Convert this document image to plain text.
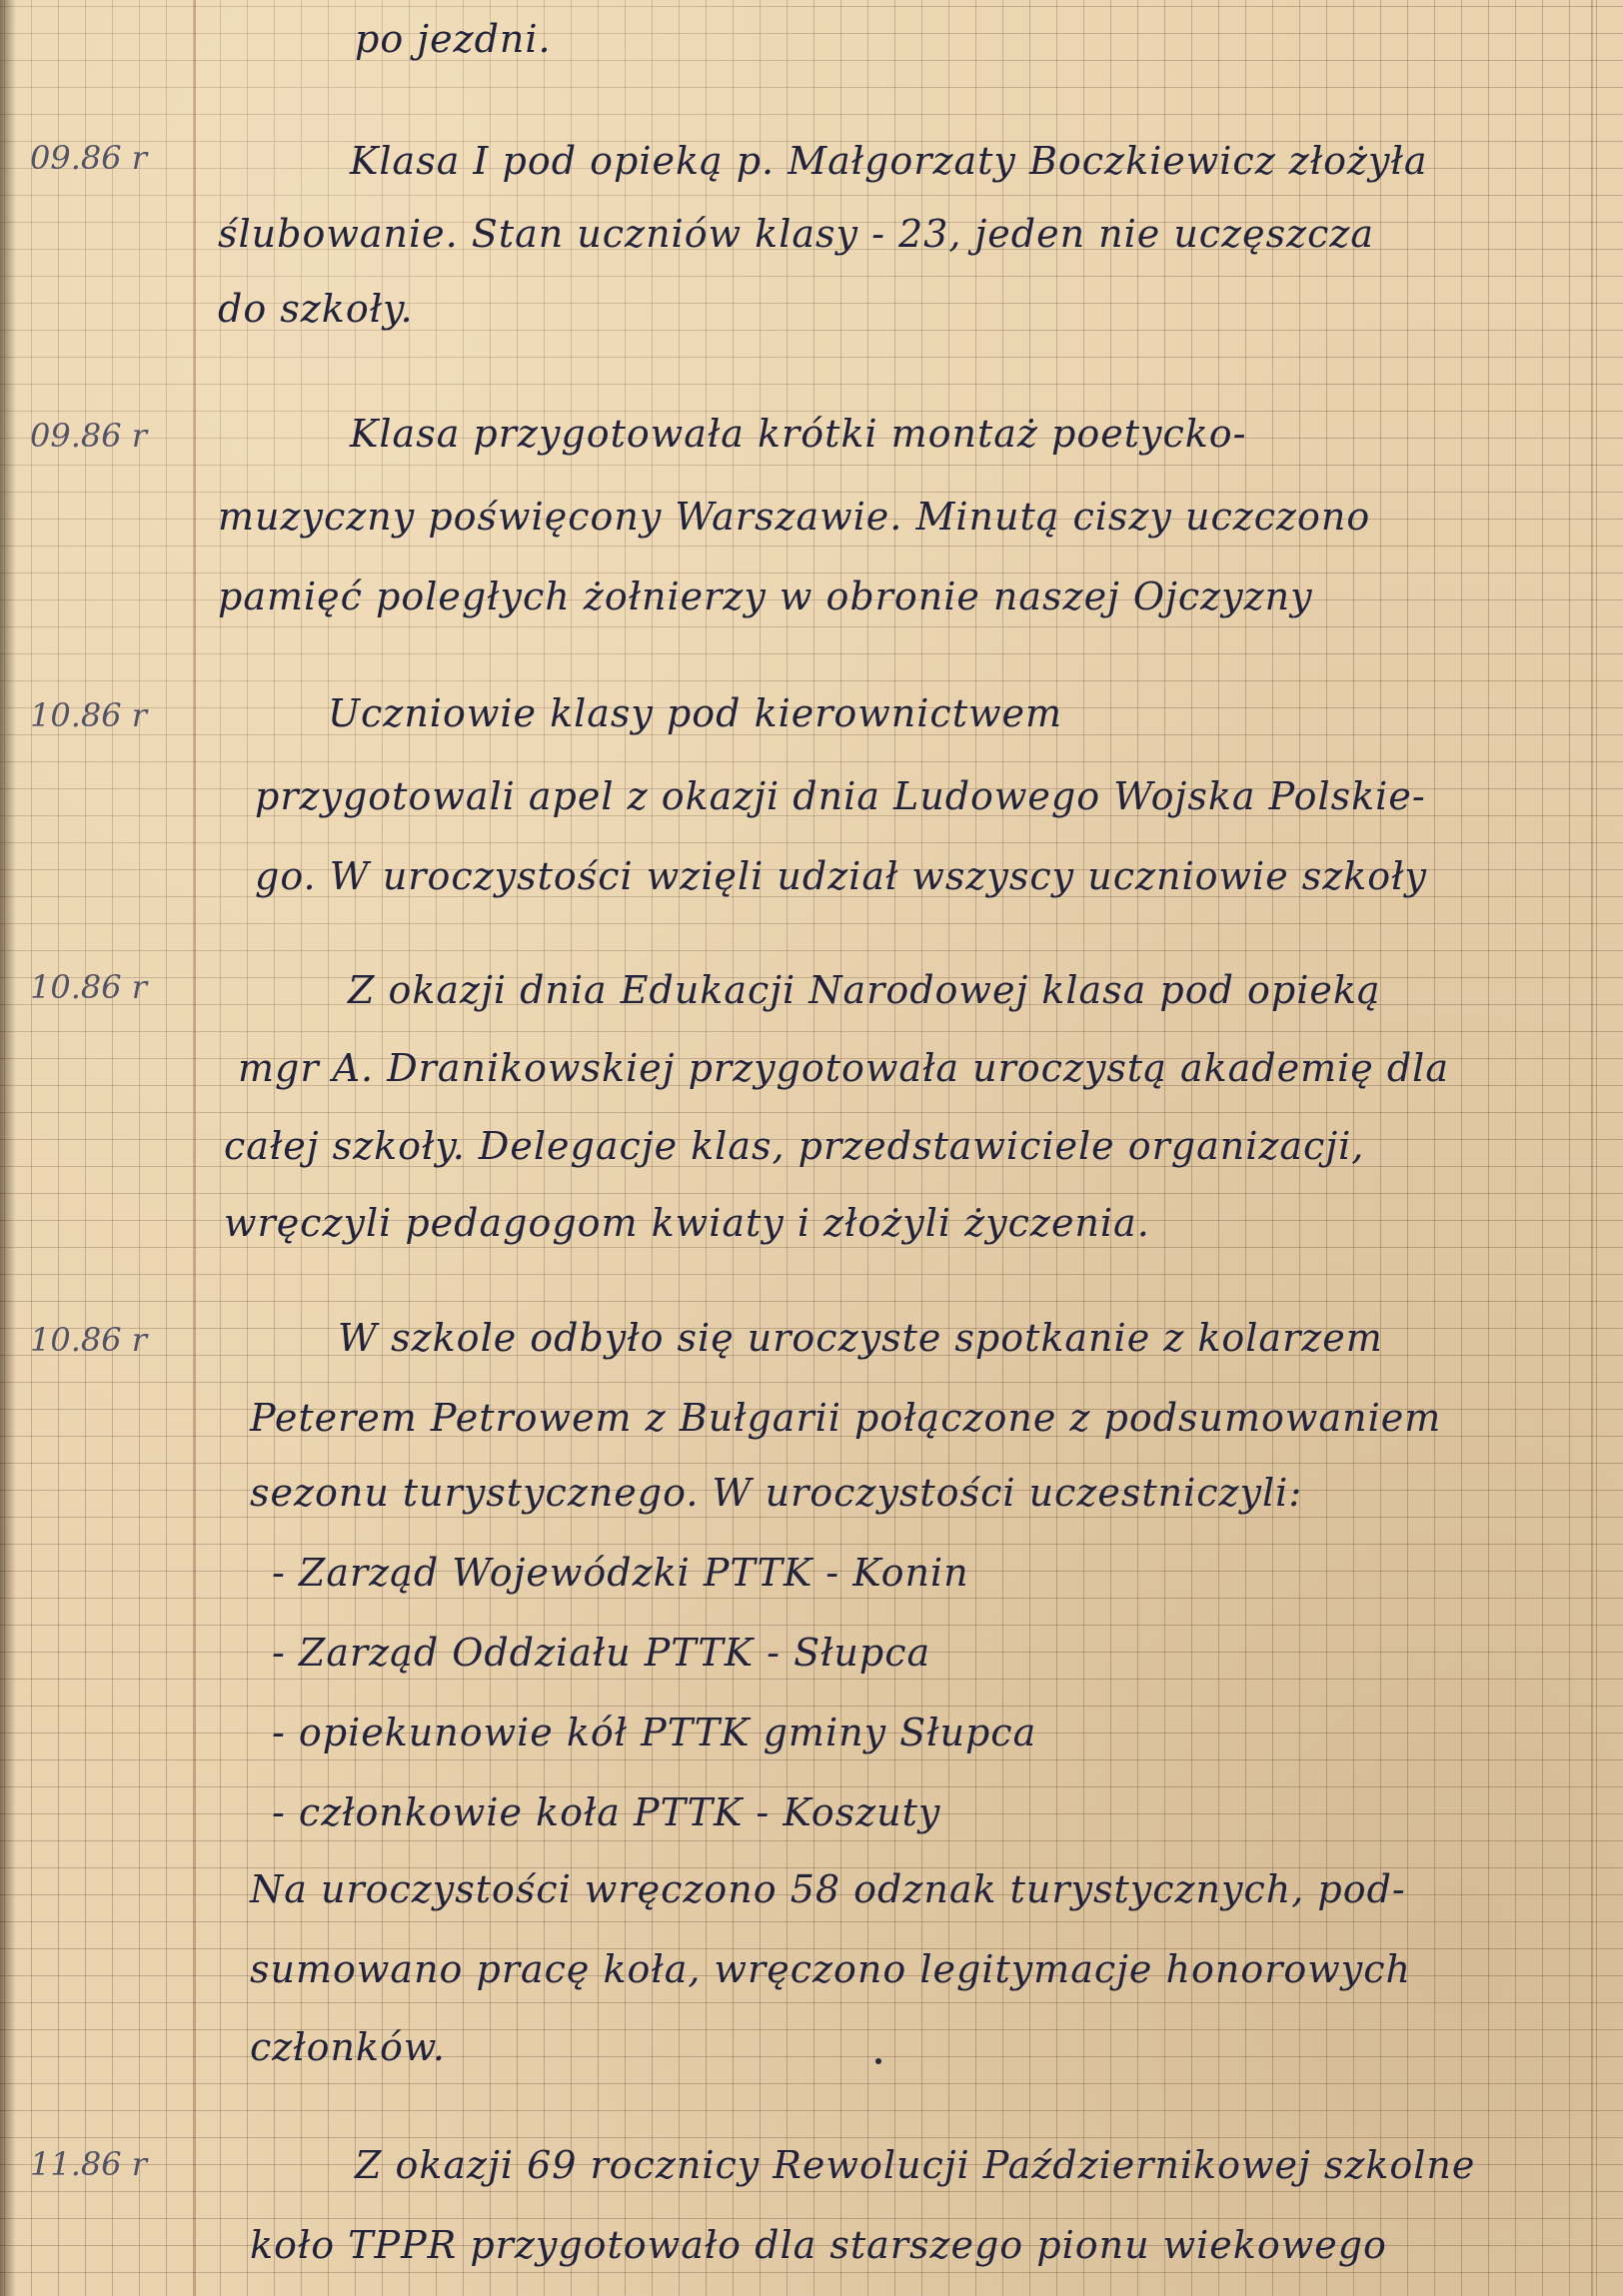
po jezdni.
09.86 r	Klasa I pod opieką p. Małgorzaty Boczkiewicz złożyła
ślubowanie. Stan uczniów klasy - 23, jeden nie uczęszcza
do szkoły.
09.86 r	Klasa przygotowała krótki montaż poetycko-
muzyczny poświęcony Warszawie. Minutą ciszy uczczono
pamięć poległych żołnierzy w obronie naszej Ojczyzny
10.86 r	Uczniowie klasy pod kierownictwem
przygotowali apel z okazji dnia Ludowego Wojska Polskie-
go. W uroczystości wzięli udział wszyscy uczniowie szkoły
10.86 r	Z okazji dnia Edukacji Narodowej klasa pod opieką
mgr A. Dranikowskiej przygotowała uroczystą akademię dla
całej szkoły. Delegacje klas, przedstawiciele organizacji,
wręczyli pedagogom kwiaty i złożyli życzenia.
10.86 r	W szkole odbyło się uroczyste spotkanie z kolarzem
Peterem Petrowem z Bułgarii połączone z podsumowaniem
sezonu turystycznego. W uroczystości uczestniczyli:
- Zarząd Wojewódzki PTTK - Konin
- Zarząd Oddziału PTTK - Słupca
- opiekunowie kół PTTK gminy Słupca
- członkowie koła PTTK - Koszuty
Na uroczystości wręczono 58 odznak turystycznych, pod-
sumowano pracę koła, wręczono legitymacje honorowych
członków.
11.86 r	Z okazji 69 rocznicy Rewolucji Październikowej szkolne
koło TPPR przygotowało dla starszego pionu wiekowego
